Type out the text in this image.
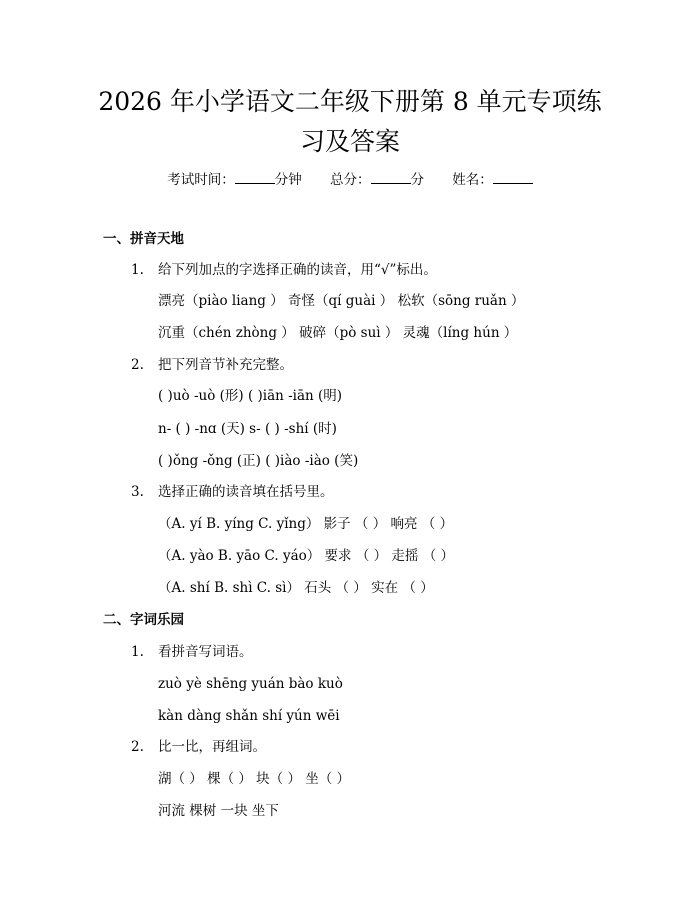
2026 年小学语文二年级下册第 8 单元专项练
习及答案
考试时间：	分钟 总分：	分 姓名：
一、拼音天地
1. 给下列加点的字选择正确的读音，用“√”标出。
漂亮（piào liang ） 奇怪（qí guài ） 松软（sōng ruǎn ）
沉重（chén zhòng ） 破碎（pò suì ） 灵魂（líng hún ）
2. 把下列音节补充完整。
( )uò -uò (形) ( )iān -iān (明)
n- ( ) -nɑ (天) s- ( ) -shí (时)
( )ǒng -ǒng (正) ( )iào -iào (笑)
3. 选择正确的读音填在括号里。
（A. yí B. yíng C. yǐng） 影子 （ ） 响亮 （ ）
（A. yào B. yāo C. yáo） 要求 （ ） 走摇 （ ）
（A. shí B. shì C. sì） 石头 （ ） 实在 （ ）
二、字词乐园
1. 看拼音写词语。
zuò yè shēng yuán bào kuò
kàn dàng shǎn shí yún wēi
2. 比一比，再组词。
湖（ ） 棵（ ） 块（ ） 坐（ ）
河流 棵树 一块 坐下
